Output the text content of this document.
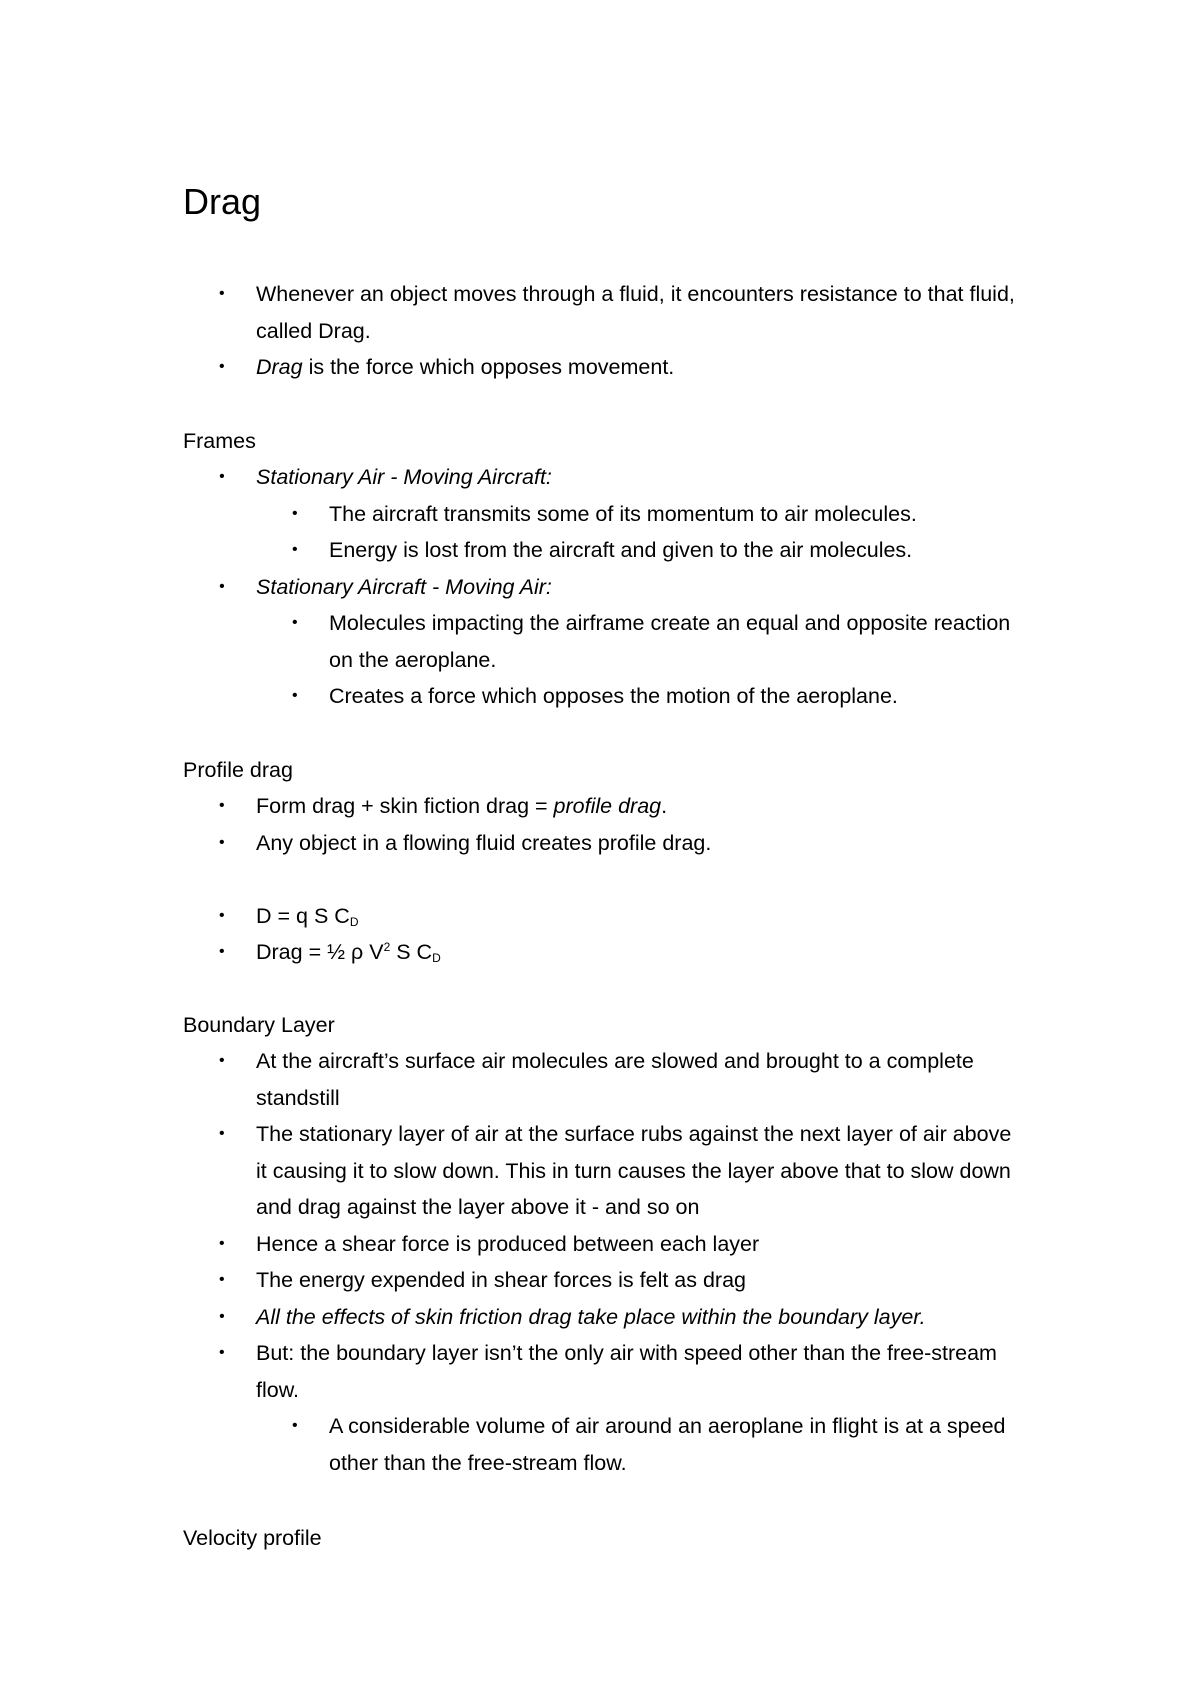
Drag
• Whenever an object moves through a fluid, it encounters resistance to that fluid, called Drag.
• Drag is the force which opposes movement.
Frames
• Stationary Air - Moving Aircraft:
• The aircraft transmits some of its momentum to air molecules.
• Energy is lost from the aircraft and given to the air molecules.
• Stationary Aircraft - Moving Air:
• Molecules impacting the airframe create an equal and opposite reaction on the aeroplane.
• Creates a force which opposes the motion of the aeroplane.
Profile drag
• Form drag + skin fiction drag = profile drag.
• Any object in a flowing fluid creates profile drag.
• D = q S $C_D$
• Drag = ½ ρ $V^2$ S $C_D$
Boundary Layer
• At the aircraft’s surface air molecules are slowed and brought to a complete standstill
• The stationary layer of air at the surface rubs against the next layer of air above it causing it to slow down. This in turn causes the layer above that to slow down and drag against the layer above it - and so on
• Hence a shear force is produced between each layer
• The energy expended in shear forces is felt as drag
• All the effects of skin friction drag take place within the boundary layer.
• But: the boundary layer isn’t the only air with speed other than the free-stream flow.
• A considerable volume of air around an aeroplane in flight is at a speed other than the free-stream flow.
Velocity profile
